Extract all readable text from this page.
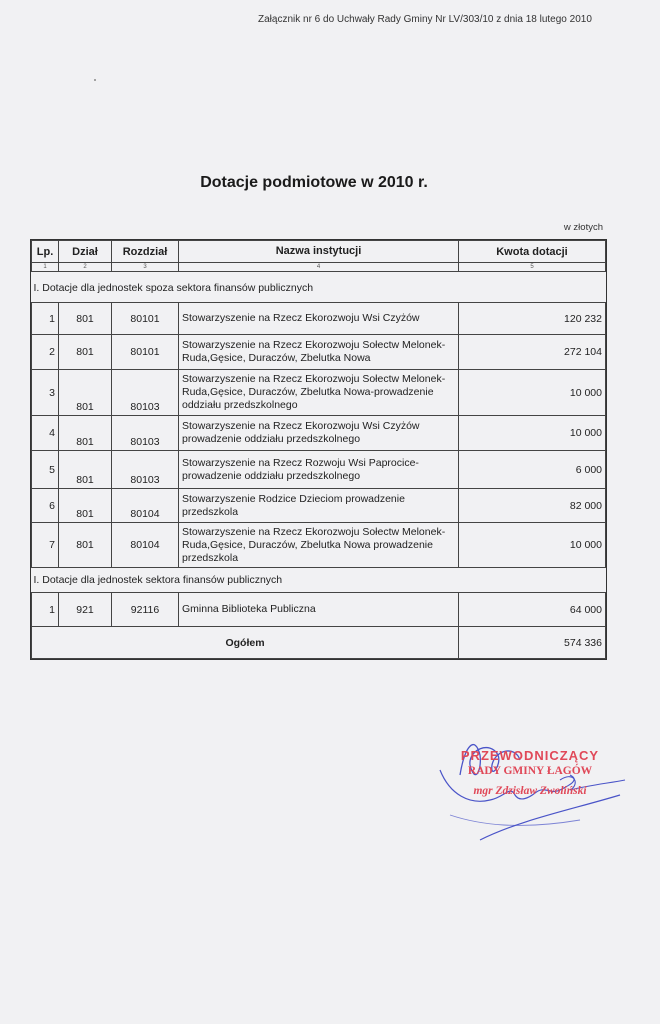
Załącznik nr 6 do Uchwały Rady Gminy Nr LV/303/10 z dnia 18 lutego 2010
Dotacje podmiotowe w 2010 r.
w złotych
Lp.	Dział	Rozdział	Nazwa instytucji	Kwota dotacji
1	2	3	4	5
I. Dotacje dla jednostek spoza sektora finansów publicznych				
1	801	80101	Stowarzyszenie na Rzecz Ekorozwoju Wsi Czyżów	120 232
2	801	80101	Stowarzyszenie na Rzecz Ekorozwoju Sołectw Melonek-Ruda,Gęsice, Duraczów, Zbelutka Nowa	272 104
3	801	80103	Stowarzyszenie na Rzecz Ekorozwoju Sołectw Melonek-Ruda,Gęsice, Duraczów, Zbelutka Nowa-prowadzenie oddziału przedszkolnego	10 000
4	801	80103	Stowarzyszenie na Rzecz Ekorozwoju Wsi Czyżów prowadzenie oddziału przedszkolnego	10 000
5	801	80103	Stowarzyszenie na Rzecz Rozwoju Wsi Paprocice-prowadzenie oddziału przedszkolnego	6 000
6	801	80104	Stowarzyszenie Rodzice Dzieciom prowadzenie przedszkola	82 000
7	801	80104	Stowarzyszenie na Rzecz Ekorozwoju Sołectw Melonek-Ruda,Gęsice, Duraczów, Zbelutka Nowa prowadzenie przedszkola	10 000
I. Dotacje dla jednostek sektora finansów publicznych				
1	921	92116	Gminna Biblioteka Publiczna	64 000
Ogółem				574 336
PRZEWODNICZĄCY
RADY GMINY ŁAGÓW
mgr Zdzisław Zwoliński
